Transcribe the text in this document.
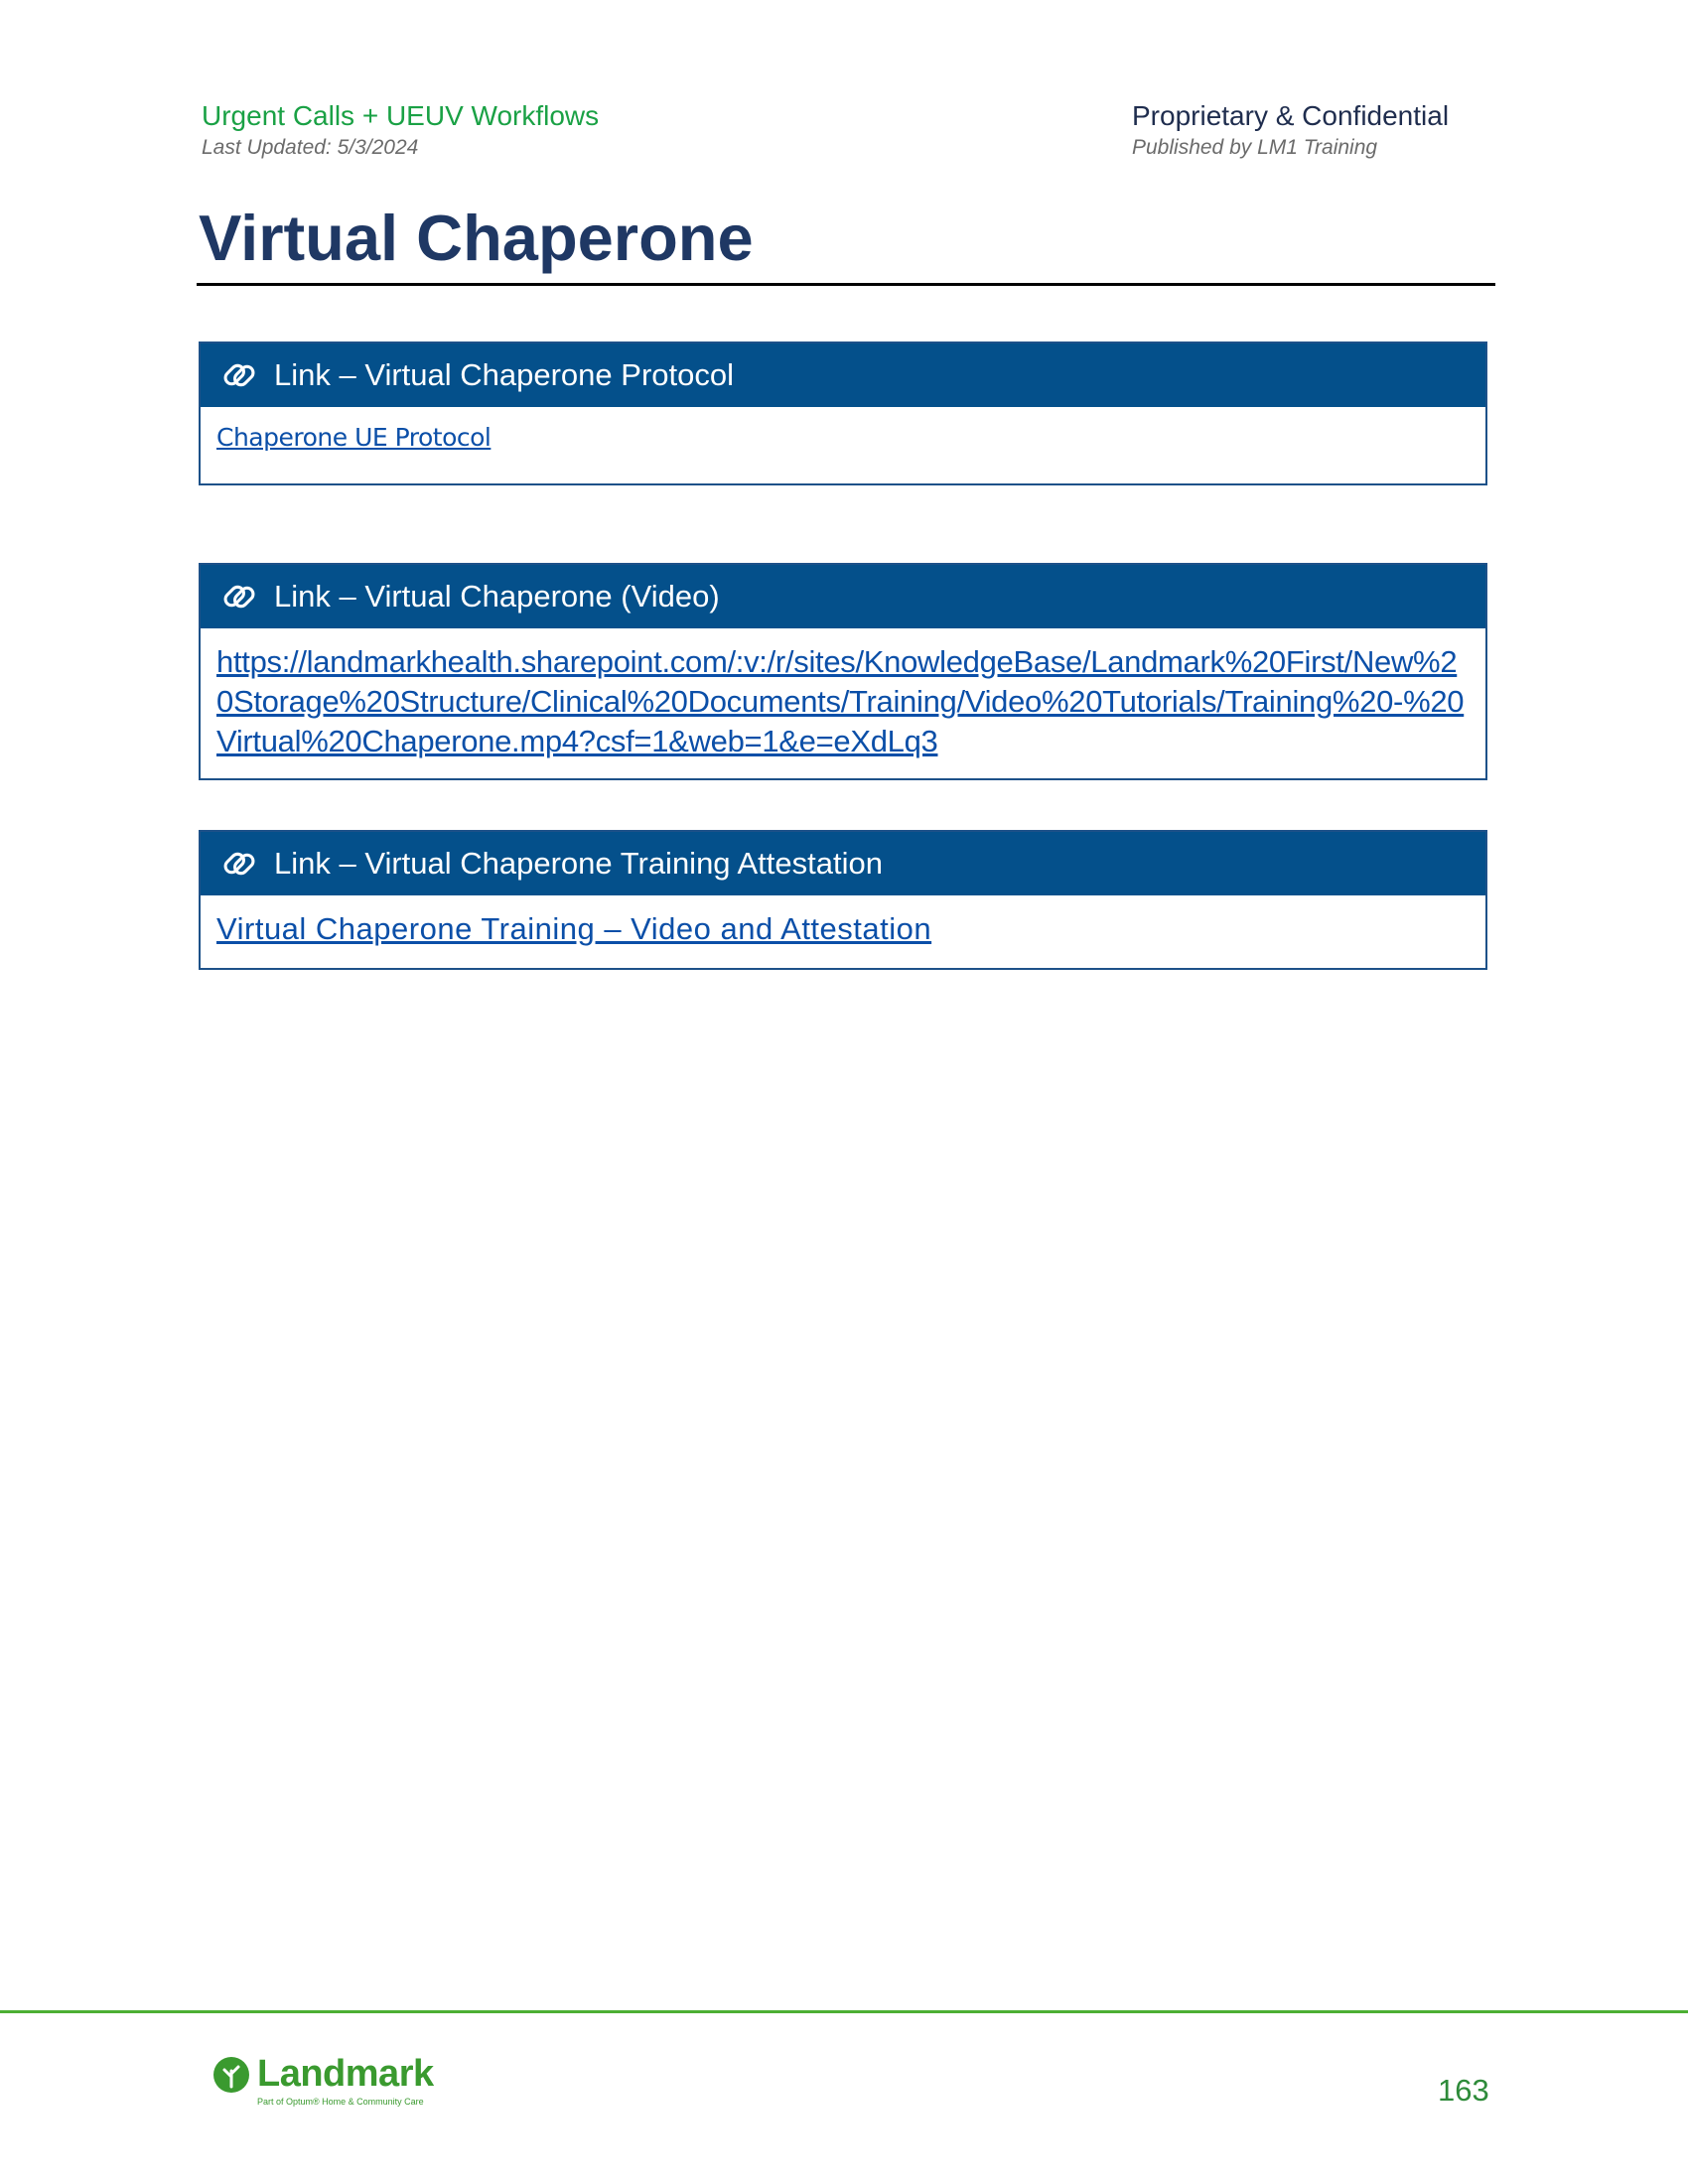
Urgent Calls + UEUV Workflows
Last Updated: 5/3/2024
Proprietary & Confidential
Published by LM1 Training
Virtual Chaperone
Link – Virtual Chaperone Protocol
Chaperone UE Protocol
Link – Virtual Chaperone (Video)
https://landmarkhealth.sharepoint.com/:v:/r/sites/KnowledgeBase/Landmark%20First/New%20Storage%20Structure/Clinical%20Documents/Training/Video%20Tutorials/Training%20-%20Virtual%20Chaperone.mp4?csf=1&web=1&e=eXdLq3
Link – Virtual Chaperone Training Attestation
Virtual Chaperone Training – Video and Attestation
Landmark
Part of Optum® Home & Community Care	163
